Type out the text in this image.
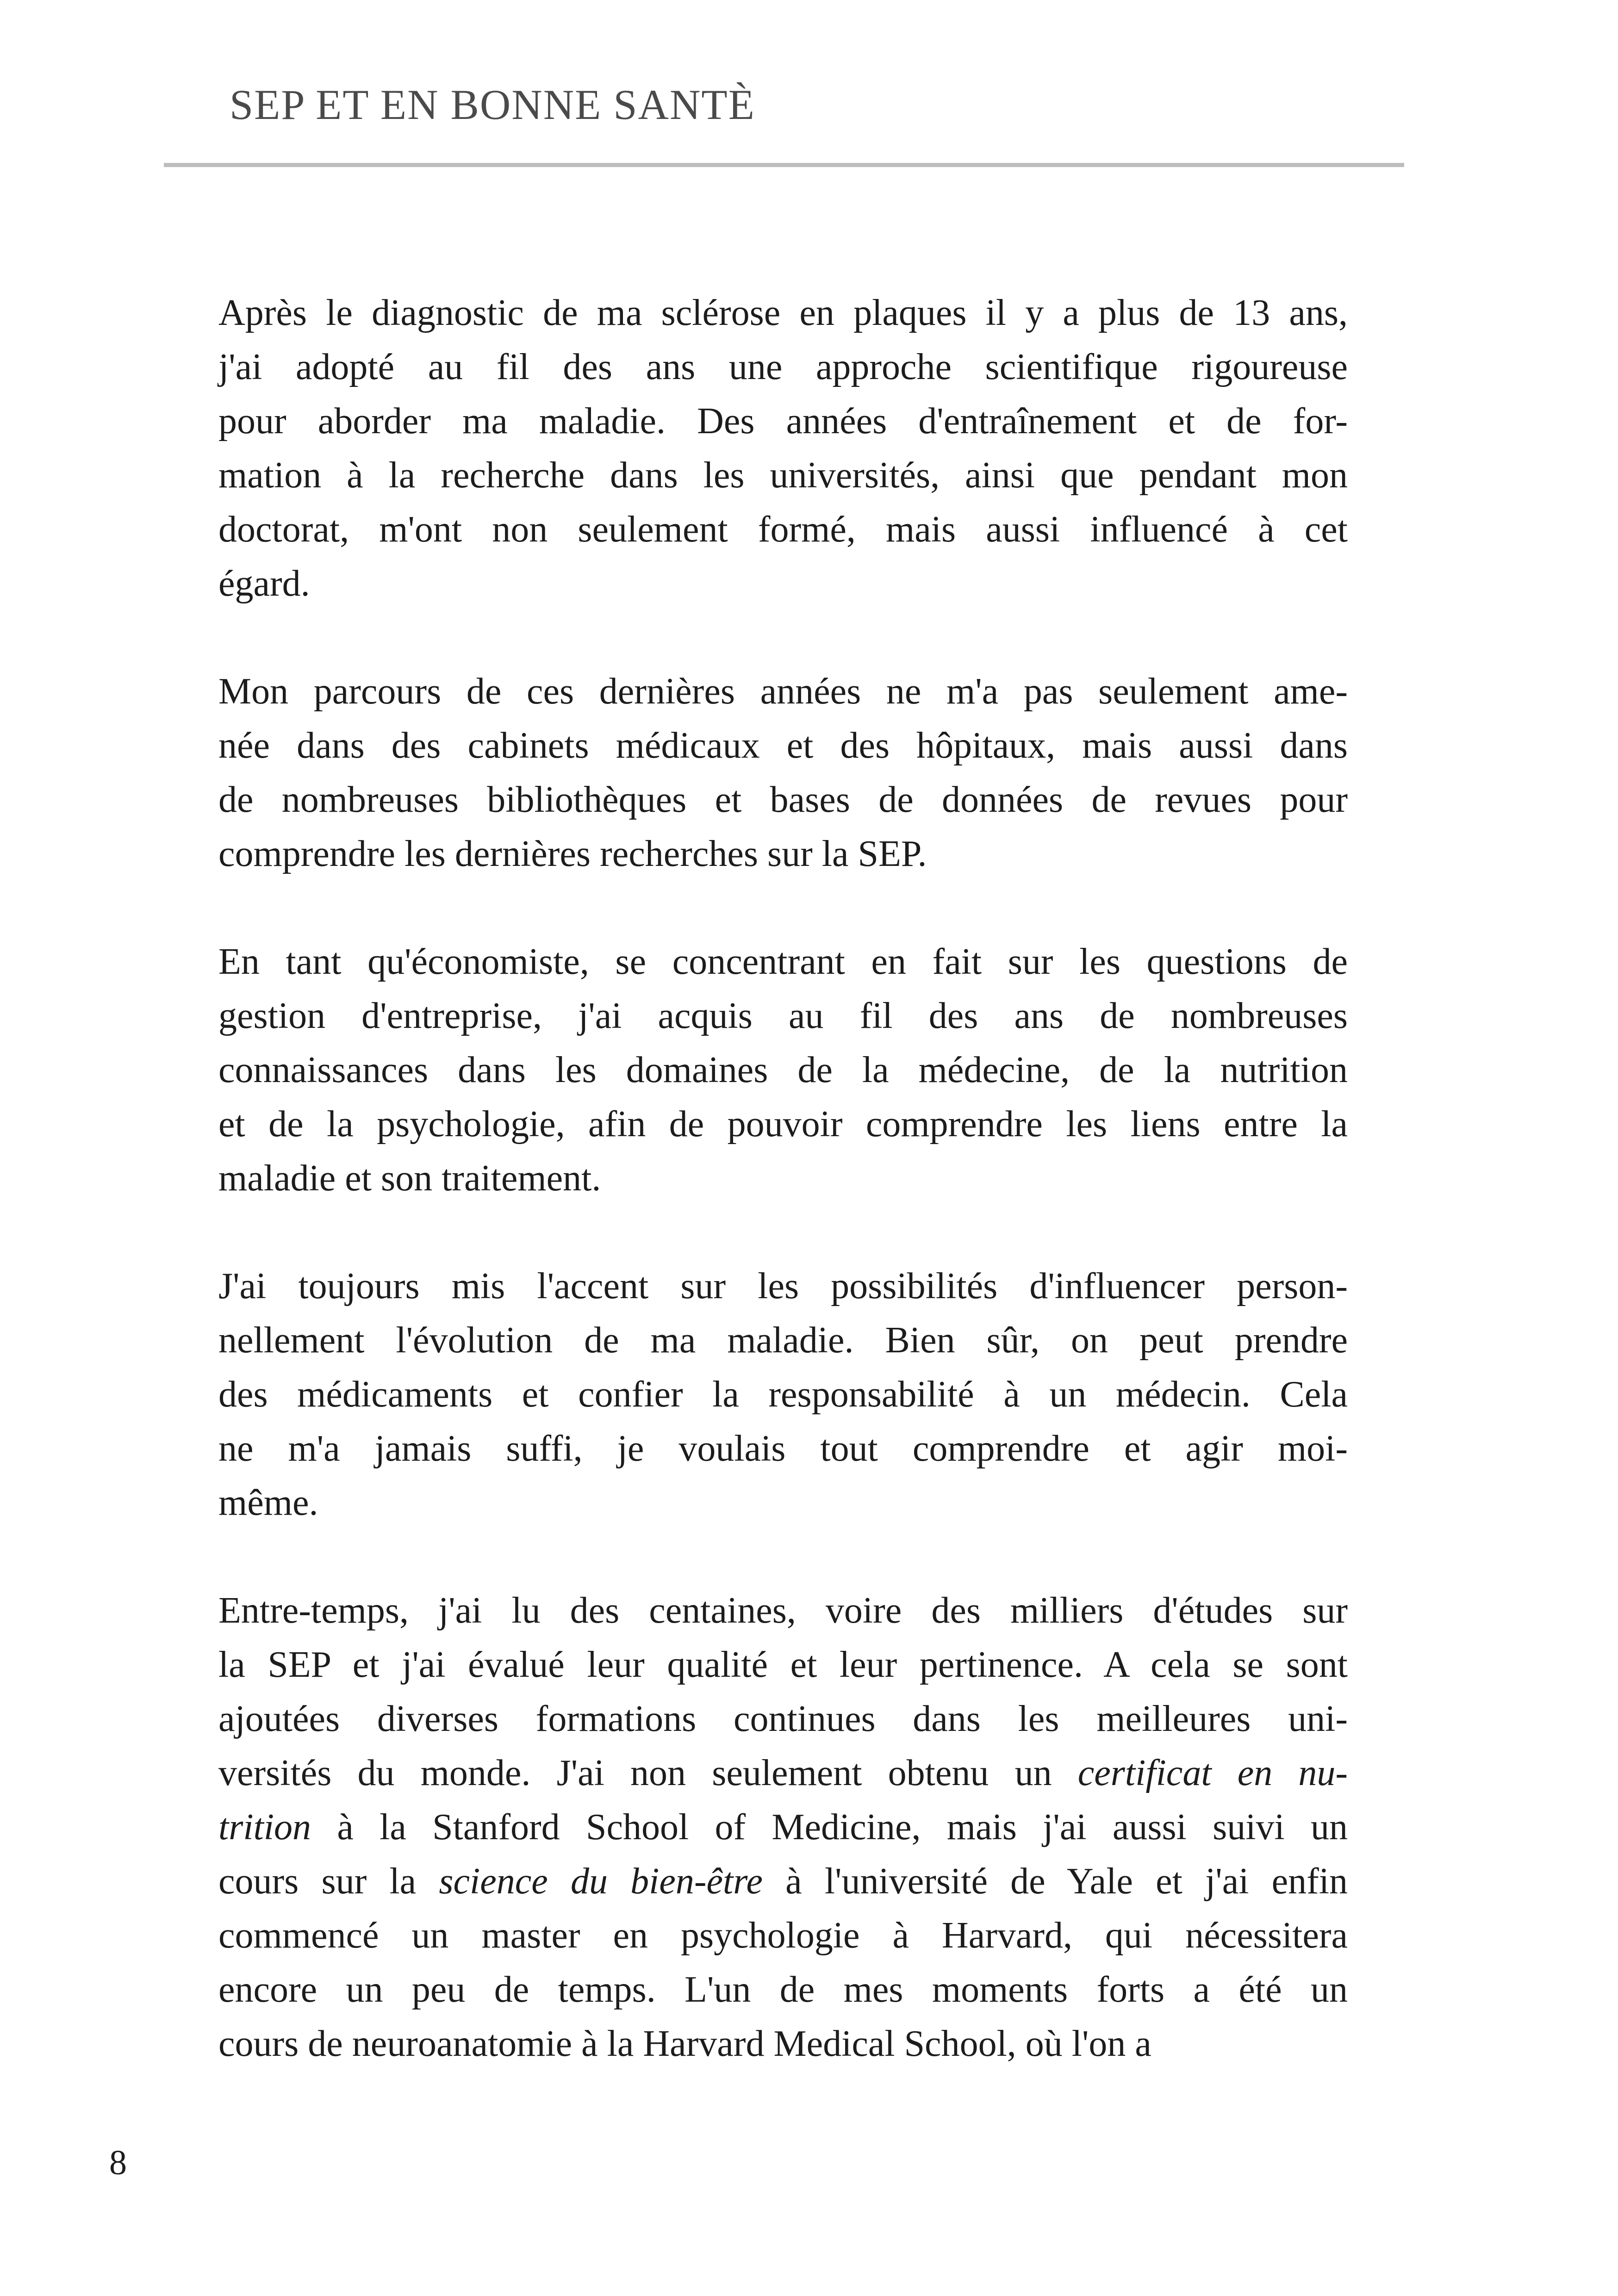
SEP ET EN BONNE SANTÈ
Après le diagnostic de ma sclérose en plaques il y a plus de 13 ans,
j'ai adopté au fil des ans une approche scientifique rigoureuse
pour aborder ma maladie. Des années d'entraînement et de for-
mation à la recherche dans les universités, ainsi que pendant mon
doctorat, m'ont non seulement formé, mais aussi influencé à cet
égard.
Mon parcours de ces dernières années ne m'a pas seulement ame-
née dans des cabinets médicaux et des hôpitaux, mais aussi dans
de nombreuses bibliothèques et bases de données de revues pour
comprendre les dernières recherches sur la SEP.
En tant qu'économiste, se concentrant en fait sur les questions de
gestion d'entreprise, j'ai acquis au fil des ans de nombreuses
connaissances dans les domaines de la médecine, de la nutrition
et de la psychologie, afin de pouvoir comprendre les liens entre la
maladie et son traitement.
J'ai toujours mis l'accent sur les possibilités d'influencer person-
nellement l'évolution de ma maladie. Bien sûr, on peut prendre
des médicaments et confier la responsabilité à un médecin. Cela
ne m'a jamais suffi, je voulais tout comprendre et agir moi-
même.
Entre-temps, j'ai lu des centaines, voire des milliers d'études sur
la SEP et j'ai évalué leur qualité et leur pertinence. A cela se sont
ajoutées diverses formations continues dans les meilleures uni-
versités du monde. J'ai non seulement obtenu un certificat en nu-
trition à la Stanford School of Medicine, mais j'ai aussi suivi un
cours sur la science du bien-être à l'université de Yale et j'ai enfin
commencé un master en psychologie à Harvard, qui nécessitera
encore un peu de temps. L'un de mes moments forts a été un
cours de neuroanatomie à la Harvard Medical School, où l'on a
8
